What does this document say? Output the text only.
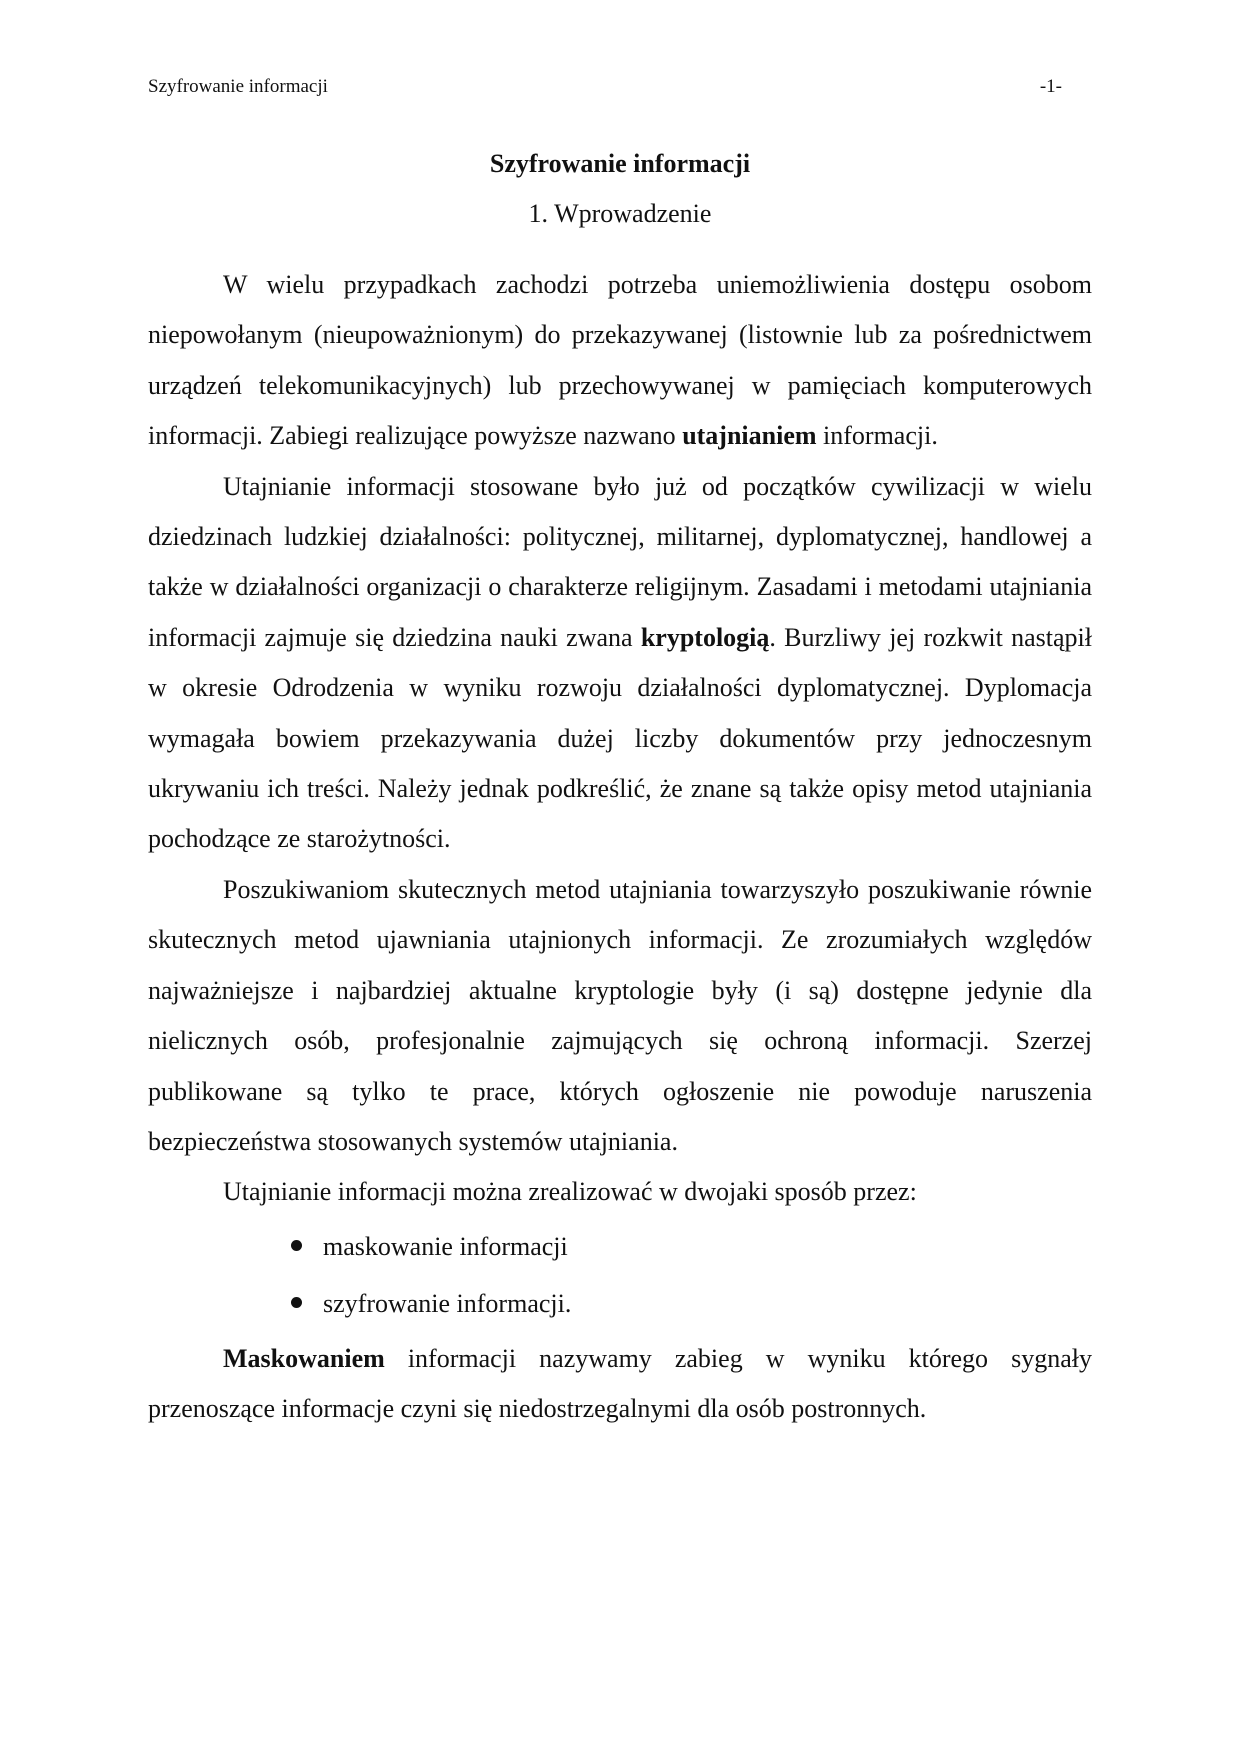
Szyfrowanie informacji	-1-
Szyfrowanie informacji
1. Wprowadzenie

W wielu przypadkach zachodzi potrzeba uniemożliwienia dostępu osobom niepowołanym (nieupoważnionym) do przekazywanej (listownie lub za pośrednictwem urządzeń telekomunikacyjnych) lub przechowywanej w pamięciach komputerowych informacji. Zabiegi realizujące powyższe nazwano utajnianiem informacji.

Utajnianie informacji stosowane było już od początków cywilizacji w wielu dziedzinach ludzkiej działalności: politycznej, militarnej, dyplomatycznej, handlowej a także w działalności organizacji o charakterze religijnym. Zasadami i metodami utajniania informacji zajmuje się dziedzina nauki zwana kryptologią. Burzliwy jej rozkwit nastąpił w okresie Odrodzenia w wyniku rozwoju działalności dyplomatycznej. Dyplomacja wymagała bowiem przekazywania dużej liczby dokumentów przy jednoczesnym ukrywaniu ich treści. Należy jednak podkreślić, że znane są także opisy metod utajniania pochodzące ze starożytności.

Poszukiwaniom skutecznych metod utajniania towarzyszyło poszukiwanie równie skutecznych metod ujawniania utajnionych informacji. Ze zrozumiałych względów najważniejsze i najbardziej aktualne kryptologie były (i są) dostępne jedynie dla nielicznych osób, profesjonalnie zajmujących się ochroną informacji. Szerzej publikowane są tylko te prace, których ogłoszenie nie powoduje naruszenia bezpieczeństwa stosowanych systemów utajniania.

Utajnianie informacji można zrealizować w dwojaki sposób przez:

maskowanie informacji
szyfrowanie informacji.

Maskowaniem informacji nazywamy zabieg w wyniku którego sygnały przenoszące informacje czyni się niedostrzegalnymi dla osób postronnych.
